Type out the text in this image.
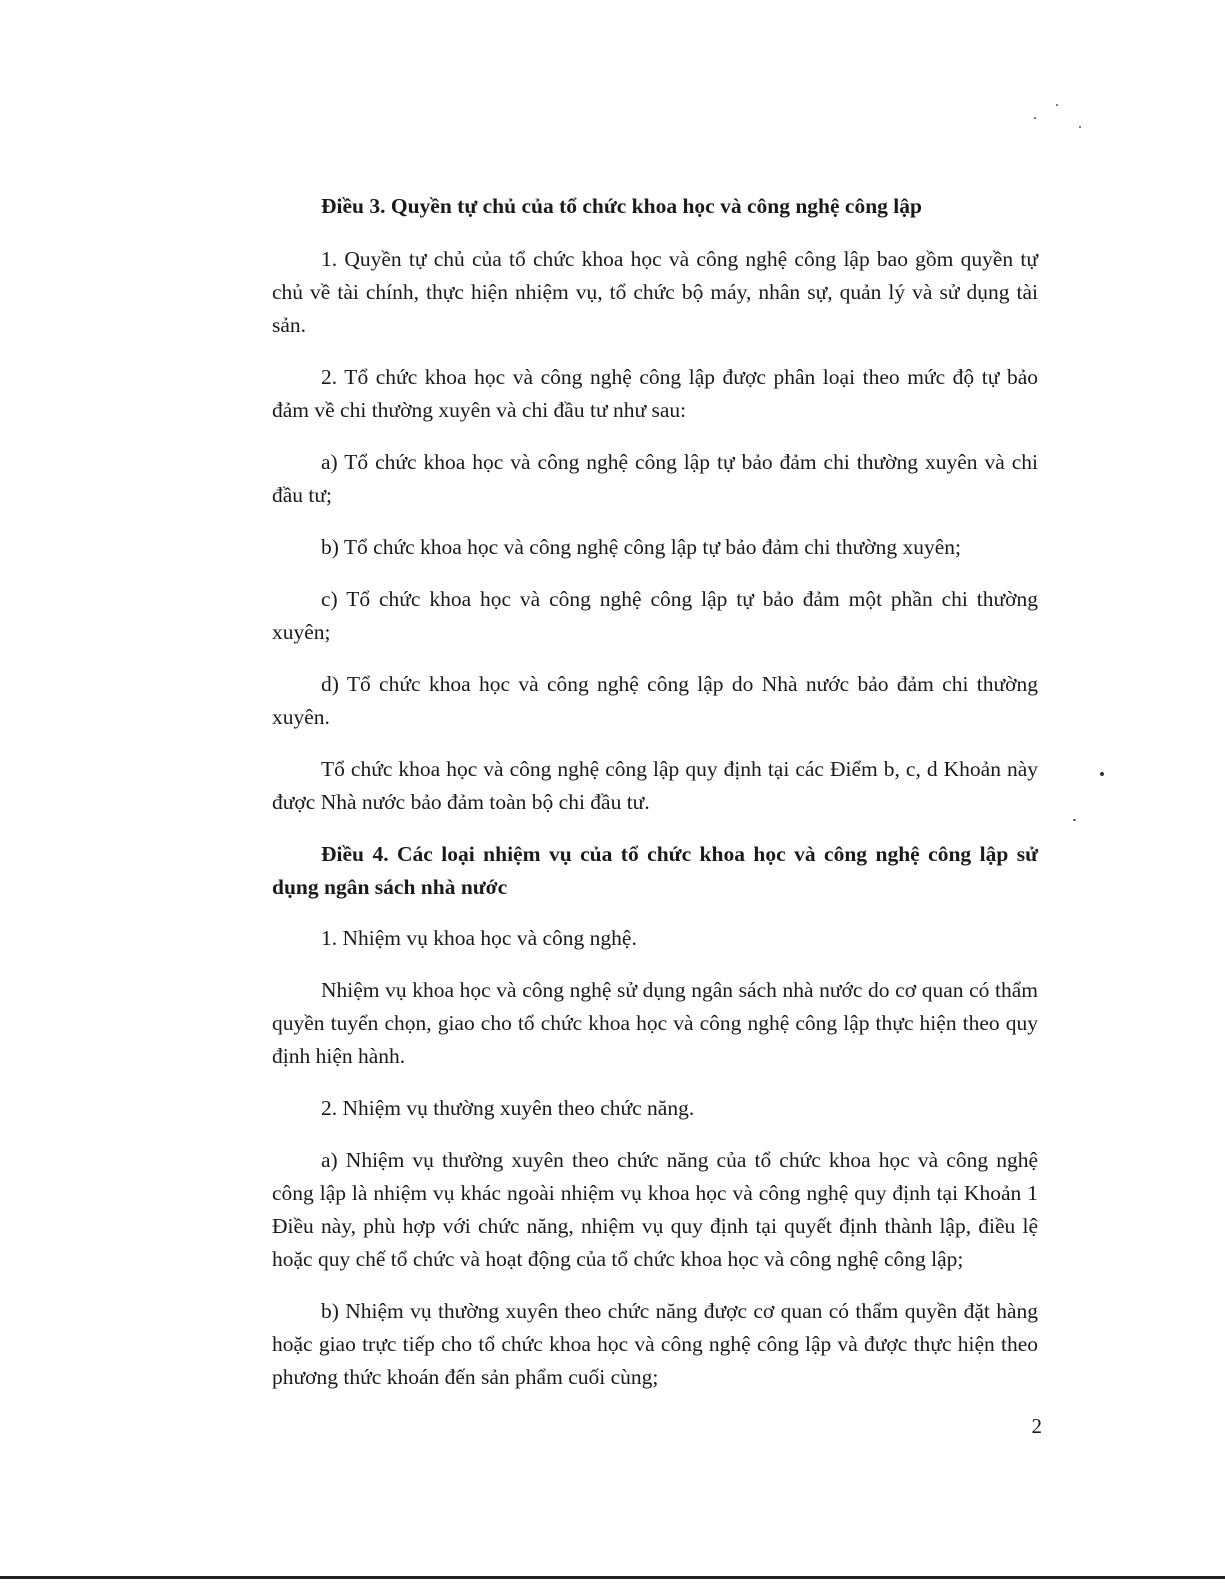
Điều 3. Quyền tự chủ của tổ chức khoa học và công nghệ công lập

1. Quyền tự chủ của tổ chức khoa học và công nghệ công lập bao gồm quyền tự chủ về tài chính, thực hiện nhiệm vụ, tổ chức bộ máy, nhân sự, quản lý và sử dụng tài sản.

2. Tổ chức khoa học và công nghệ công lập được phân loại theo mức độ tự bảo đảm về chi thường xuyên và chi đầu tư như sau:

a) Tổ chức khoa học và công nghệ công lập tự bảo đảm chi thường xuyên và chi đầu tư;

b) Tổ chức khoa học và công nghệ công lập tự bảo đảm chi thường xuyên;

c) Tổ chức khoa học và công nghệ công lập tự bảo đảm một phần chi thường xuyên;

d) Tổ chức khoa học và công nghệ công lập do Nhà nước bảo đảm chi thường xuyên.

Tổ chức khoa học và công nghệ công lập quy định tại các Điểm b, c, d Khoản này được Nhà nước bảo đảm toàn bộ chi đầu tư.

Điều 4. Các loại nhiệm vụ của tổ chức khoa học và công nghệ công lập sử dụng ngân sách nhà nước

1. Nhiệm vụ khoa học và công nghệ.

Nhiệm vụ khoa học và công nghệ sử dụng ngân sách nhà nước do cơ quan có thẩm quyền tuyển chọn, giao cho tổ chức khoa học và công nghệ công lập thực hiện theo quy định hiện hành.

2. Nhiệm vụ thường xuyên theo chức năng.

a) Nhiệm vụ thường xuyên theo chức năng của tổ chức khoa học và công nghệ công lập là nhiệm vụ khác ngoài nhiệm vụ khoa học và công nghệ quy định tại Khoản 1 Điều này, phù hợp với chức năng, nhiệm vụ quy định tại quyết định thành lập, điều lệ hoặc quy chế tổ chức và hoạt động của tổ chức khoa học và công nghệ công lập;

b) Nhiệm vụ thường xuyên theo chức năng được cơ quan có thẩm quyền đặt hàng hoặc giao trực tiếp cho tổ chức khoa học và công nghệ công lập và được thực hiện theo phương thức khoán đến sản phẩm cuối cùng;

2
